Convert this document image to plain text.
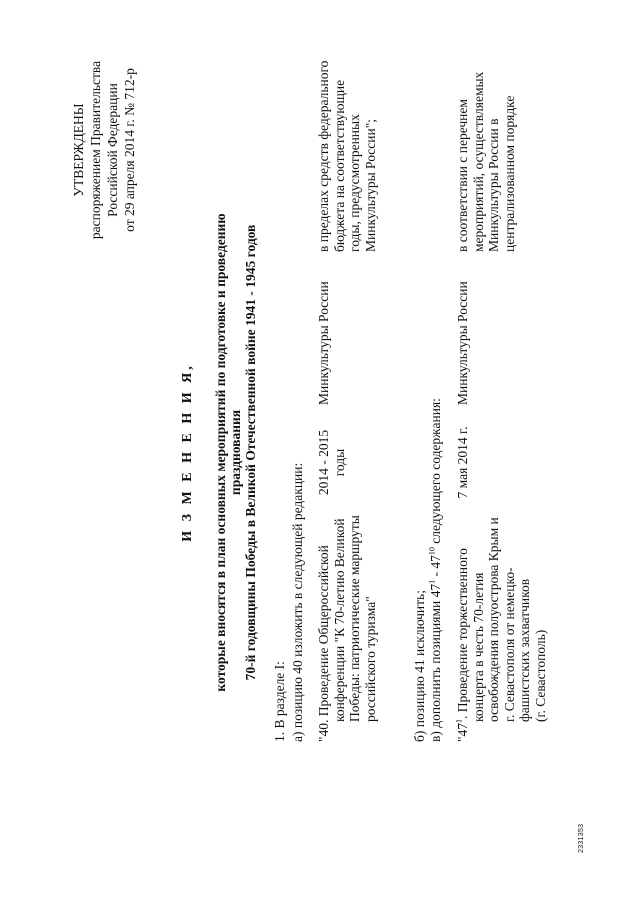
УТВЕРЖДЕНЫ распоряжением Правительства Российской Федерации от 29 апреля 2014 г. № 712-р
И З М Е Н Е Н И Я, которые вносятся в план основных мероприятий по подготовке и проведению празднования 70-й годовщины Победы в Великой Отечественной войне 1941 - 1945 годов
1. В разделе I: а) позицию 40 изложить в следующей редакции: "40. Проведение Общероссийской конференции "К 70-летию Великой Победы: патриотические маршруты российского туризма"
2014 - 2015 годы
Минкультуры России
в пределах средств федерального бюджета на соответствующие годы, предусмотренных Минкультуры России";
б) позицию 41 исключить; в) дополнить позициями $47^1 - 47^{10}$ следующего содержания:
"$47^1$. Проведение торжественного концерта в честь 70-летия освобождения полуострова Крым и г. Севастополя от немецко- фашистских захватчиков (г. Севастополь)
7 мая 2014 г.
Минкультуры России
в соответствии с перечнем мероприятий, осуществляемых Минкультуры России в централизованном порядке
2331353
